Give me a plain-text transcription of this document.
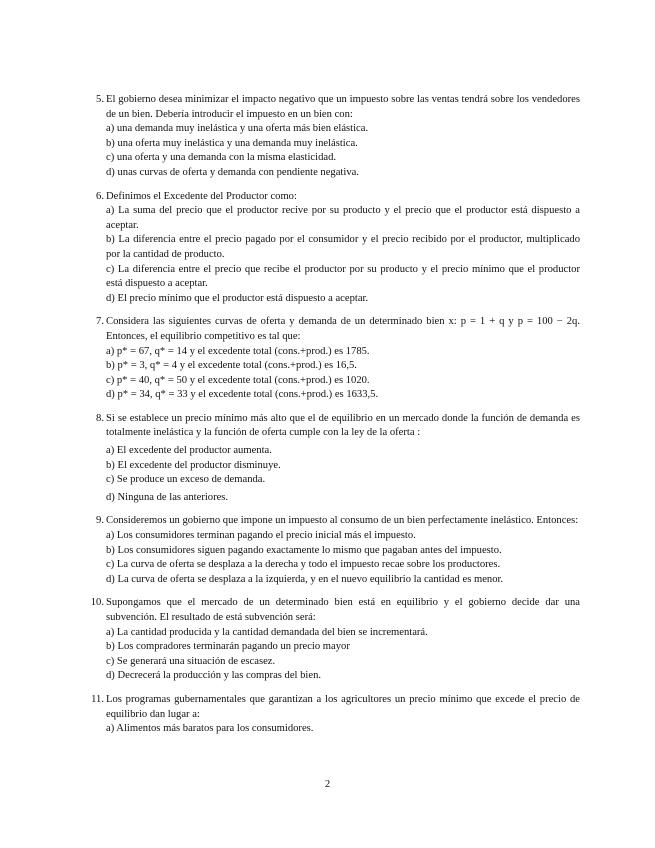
5. El gobierno desea minimizar el impacto negativo que un impuesto sobre las ventas tendrá sobre los vendedores de un bien. Debería introducir el impuesto en un bien con:
a) una demanda muy inelástica y una oferta más bien elástica.
b) una oferta muy inelástica y una demanda muy inelástica.
c) una oferta y una demanda con la misma elasticidad.
d) unas curvas de oferta y demanda con pendiente negativa.
6. Definimos el Excedente del Productor como:
a) La suma del precio que el productor recive por su producto y el precio que el productor está dispuesto a aceptar.
b) La diferencia entre el precio pagado por el consumidor y el precio recibido por el productor, multiplicado por la cantidad de producto.
c) La diferencia entre el precio que recibe el productor por su producto y el precio mínimo que el productor está dispuesto a aceptar.
d) El precio mínimo que el productor está dispuesto a aceptar.
7. Considera las siguientes curvas de oferta y demanda de un determinado bien x: p = 1 + q y p = 100 − 2q. Entonces, el equilibrio competitivo es tal que:
a) p* = 67, q* = 14 y el excedente total (cons.+prod.) es 1785.
b) p* = 3, q* = 4 y el excedente total (cons.+prod.) es 16,5.
c) p* = 40, q* = 50 y el excedente total (cons.+prod.) es 1020.
d) p* = 34, q* = 33 y el excedente total (cons.+prod.) es 1633,5.
8. Si se establece un precio mínimo más alto que el de equilibrio en un mercado donde la función de demanda es totalmente inelástica y la función de oferta cumple con la ley de la oferta :
a) El excedente del productor aumenta.
b) El excedente del productor disminuye.
c) Se produce un exceso de demanda.
d) Ninguna de las anteriores.
9. Consideremos un gobierno que impone un impuesto al consumo de un bien perfectamente inelástico. Entonces:
a) Los consumidores terminan pagando el precio inicial más el impuesto.
b) Los consumidores siguen pagando exactamente lo mismo que pagaban antes del impuesto.
c) La curva de oferta se desplaza a la derecha y todo el impuesto recae sobre los productores.
d) La curva de oferta se desplaza a la izquierda, y en el nuevo equilibrio la cantidad es menor.
10. Supongamos que el mercado de un determinado bien está en equilibrio y el gobierno decide dar una subvención. El resultado de está subvención será:
a) La cantidad producida y la cantidad demandada del bien se incrementará.
b) Los compradores terminarán pagando un precio mayor
c) Se generará una situación de escasez.
d) Decrecerá la producción y las compras del bien.
11. Los programas gubernamentales que garantizan a los agricultores un precio mínimo que excede el precio de equilibrio dan lugar a:
a) Alimentos más baratos para los consumidores.
2
